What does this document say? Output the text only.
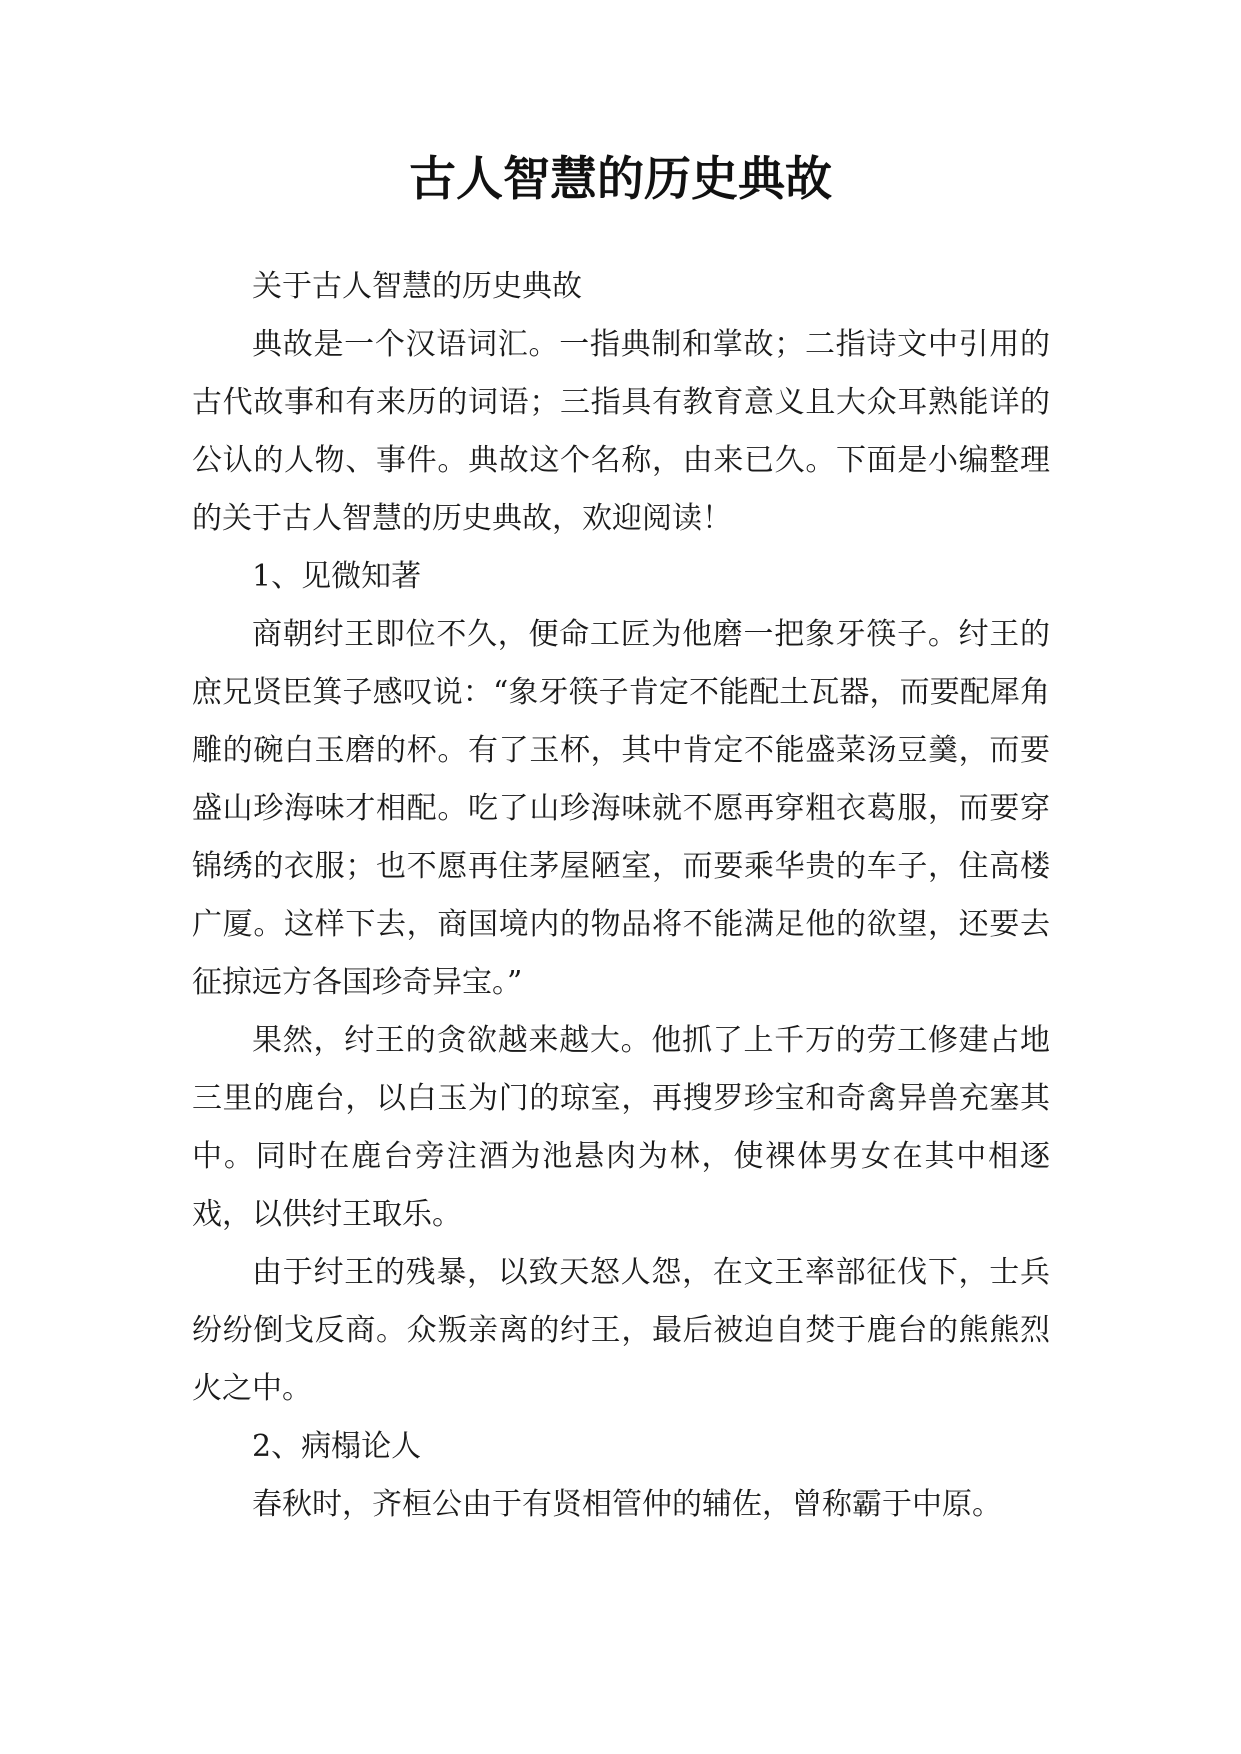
古人智慧的历史典故

关于古人智慧的历史典故

典故是一个汉语词汇。一指典制和掌故；二指诗文中引用的古代故事和有来历的词语；三指具有教育意义且大众耳熟能详的公认的人物、事件。典故这个名称，由来已久。下面是小编整理的关于古人智慧的历史典故，欢迎阅读！

1、见微知著

商朝纣王即位不久，便命工匠为他磨一把象牙筷子。纣王的庶兄贤臣箕子感叹说：“象牙筷子肯定不能配土瓦器，而要配犀角雕的碗白玉磨的杯。有了玉杯，其中肯定不能盛菜汤豆羹，而要盛山珍海味才相配。吃了山珍海味就不愿再穿粗衣葛服，而要穿锦绣的衣服；也不愿再住茅屋陋室，而要乘华贵的车子，住高楼广厦。这样下去，商国境内的物品将不能满足他的欲望，还要去征掠远方各国珍奇异宝。”

果然，纣王的贪欲越来越大。他抓了上千万的劳工修建占地三里的鹿台，以白玉为门的琼室，再搜罗珍宝和奇禽异兽充塞其中。同时在鹿台旁注酒为池悬肉为林，使裸体男女在其中相逐戏，以供纣王取乐。

由于纣王的残暴，以致天怒人怨，在文王率部征伐下，士兵纷纷倒戈反商。众叛亲离的纣王，最后被迫自焚于鹿台的熊熊烈火之中。

2、病榻论人

春秋时，齐桓公由于有贤相管仲的辅佐，曾称霸于中原。
